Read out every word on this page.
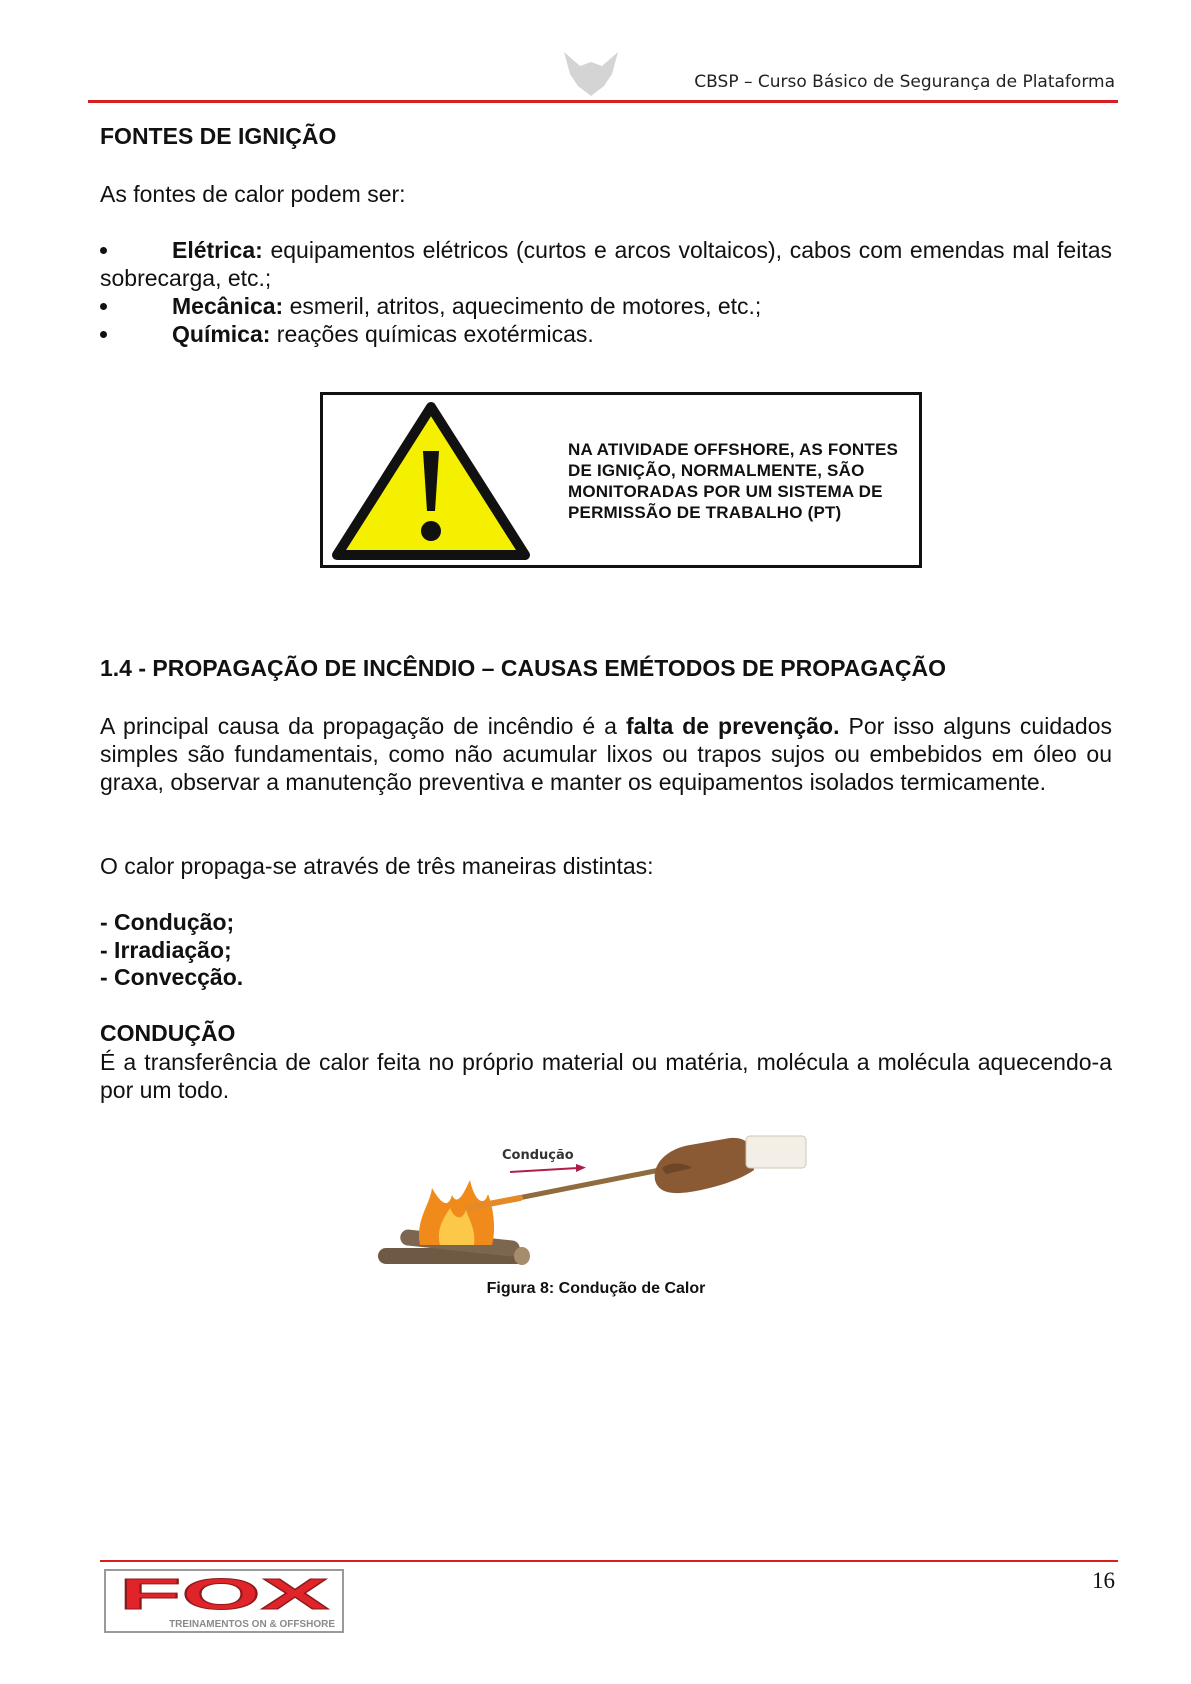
CBSP – Curso Básico de Segurança de Plataforma
FONTES DE IGNIÇÃO
As fontes de calor podem ser:
Elétrica: equipamentos elétricos (curtos e arcos voltaicos), cabos com emendas mal feitas sobrecarga, etc.;
Mecânica: esmeril, atritos, aquecimento de motores, etc.;
Química: reações químicas exotérmicas.
NA ATIVIDADE OFFSHORE, AS FONTES DE IGNIÇÃO, NORMALMENTE, SÃO MONITORADAS POR UM SISTEMA DE PERMISSÃO DE TRABALHO (PT)
1.4 - PROPAGAÇÃO DE INCÊNDIO – CAUSAS EMÉTODOS DE PROPAGAÇÃO
A principal causa da propagação de incêndio é a falta de prevenção. Por isso alguns cuidados simples são fundamentais, como não acumular lixos ou trapos sujos ou embebidos em óleo ou graxa, observar a manutenção preventiva e manter os equipamentos isolados termicamente.
O calor propaga-se através de três maneiras distintas:
- Condução;
- Irradiação;
- Convecção.
CONDUÇÃO
É a transferência de calor feita no próprio material ou matéria, molécula a molécula aquecendo-a por um todo.
Condução
Figura 8: Condução de Calor
FOX
TREINAMENTOS ON & OFFSHORE
16
